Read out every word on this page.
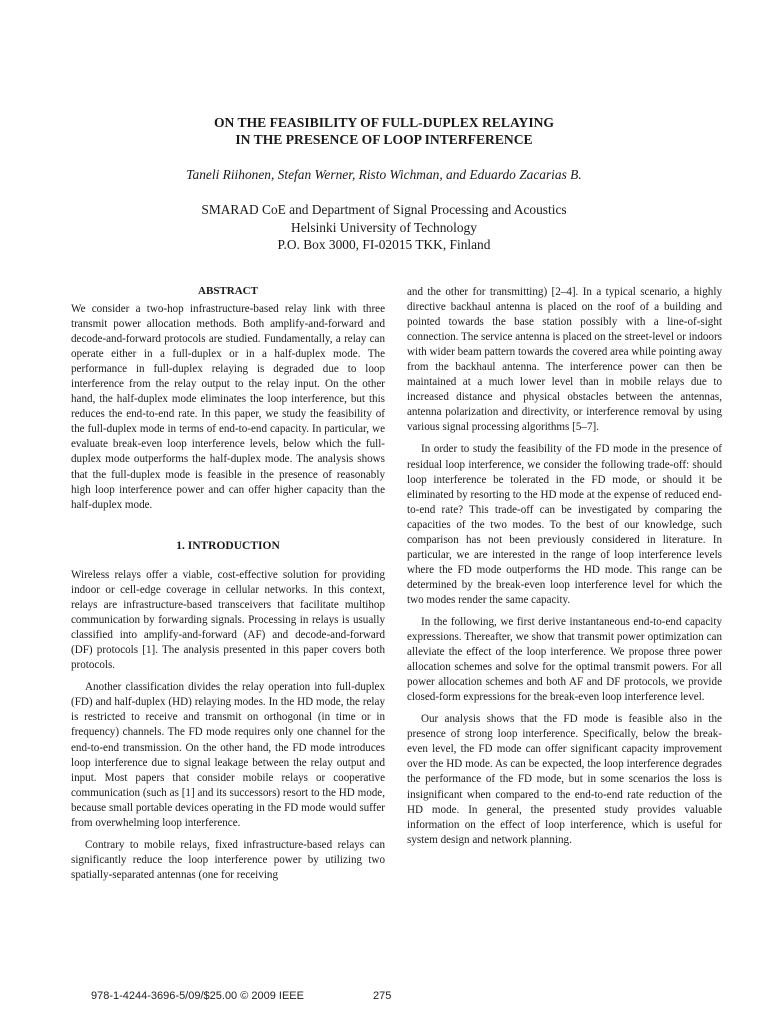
ON THE FEASIBILITY OF FULL-DUPLEX RELAYING
IN THE PRESENCE OF LOOP INTERFERENCE
Taneli Riihonen, Stefan Werner, Risto Wichman, and Eduardo Zacarias B.
SMARAD CoE and Department of Signal Processing and Acoustics
Helsinki University of Technology
P.O. Box 3000, FI-02015 TKK, Finland
ABSTRACT

We consider a two-hop infrastructure-based relay link with three transmit power allocation methods. Both amplify-and-forward and decode-and-forward protocols are studied. Fundamentally, a relay can operate either in a full-duplex or in a half-duplex mode. The performance in full-duplex relaying is degraded due to loop interference from the relay output to the relay input. On the other hand, the half-duplex mode eliminates the loop interference, but this reduces the end-to-end rate. In this paper, we study the feasibility of the full-duplex mode in terms of end-to-end capacity. In particular, we evaluate break-even loop interference levels, below which the full-duplex mode outperforms the half-duplex mode. The analysis shows that the full-duplex mode is feasible in the presence of reasonably high loop interference power and can offer higher capacity than the half-duplex mode.

1. INTRODUCTION

Wireless relays offer a viable, cost-effective solution for providing indoor or cell-edge coverage in cellular networks. In this context, relays are infrastructure-based transceivers that facilitate multihop communication by forwarding signals. Processing in relays is usually classified into amplify-and-forward (AF) and decode-and-forward (DF) protocols [1]. The analysis presented in this paper covers both protocols.

Another classification divides the relay operation into full-duplex (FD) and half-duplex (HD) relaying modes. In the HD mode, the relay is restricted to receive and transmit on orthogonal (in time or in frequency) channels. The FD mode requires only one channel for the end-to-end transmission. On the other hand, the FD mode introduces loop interference due to signal leakage between the relay output and input. Most papers that consider mobile relays or cooperative communication (such as [1] and its successors) resort to the HD mode, because small portable devices operating in the FD mode would suffer from overwhelming loop interference.

Contrary to mobile relays, fixed infrastructure-based relays can significantly reduce the loop interference power by utilizing two spatially-separated antennas (one for receiving

and the other for transmitting) [2–4]. In a typical scenario, a highly directive backhaul antenna is placed on the roof of a building and pointed towards the base station possibly with a line-of-sight connection. The service antenna is placed on the street-level or indoors with wider beam pattern towards the covered area while pointing away from the backhaul antenna. The interference power can then be maintained at a much lower level than in mobile relays due to increased distance and physical obstacles between the antennas, antenna polarization and directivity, or interference removal by using various signal processing algorithms [5–7].

In order to study the feasibility of the FD mode in the presence of residual loop interference, we consider the following trade-off: should loop interference be tolerated in the FD mode, or should it be eliminated by resorting to the HD mode at the expense of reduced end-to-end rate? This trade-off can be investigated by comparing the capacities of the two modes. To the best of our knowledge, such comparison has not been previously considered in literature. In particular, we are interested in the range of loop interference levels where the FD mode outperforms the HD mode. This range can be determined by the break-even loop interference level for which the two modes render the same capacity.

In the following, we first derive instantaneous end-to-end capacity expressions. Thereafter, we show that transmit power optimization can alleviate the effect of the loop interference. We propose three power allocation schemes and solve for the optimal transmit powers. For all power allocation schemes and both AF and DF protocols, we provide closed-form expressions for the break-even loop interference level.

Our analysis shows that the FD mode is feasible also in the presence of strong loop interference. Specifically, below the break-even level, the FD mode can offer significant capacity improvement over the HD mode. As can be expected, the loop interference degrades the performance of the FD mode, but in some scenarios the loss is insignificant when compared to the end-to-end rate reduction of the HD mode. In general, the presented study provides valuable information on the effect of loop interference, which is useful for system design and network planning.

978-1-4244-3696-5/09/$25.00 © 2009 IEEE	275
